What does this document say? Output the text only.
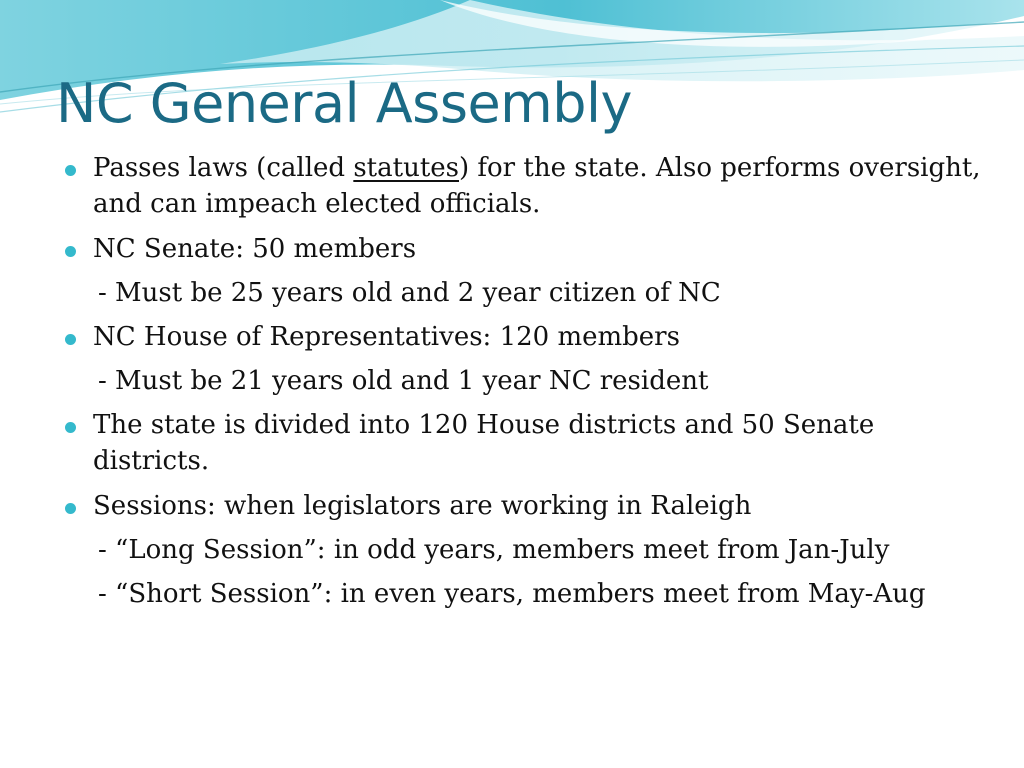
NC General Assembly
Passes laws (called statutes) for the state. Also performs oversight, and can impeach elected officials.
NC Senate: 50 members
- Must be 25 years old and 2 year citizen of NC
NC House of Representatives: 120 members
- Must be 21 years old and 1 year NC resident
The state is divided into 120 House districts and 50 Senate districts.
Sessions: when legislators are working in Raleigh
- “Long Session”: in odd years, members meet from Jan-July
- “Short Session”: in even years, members meet from May-Aug
